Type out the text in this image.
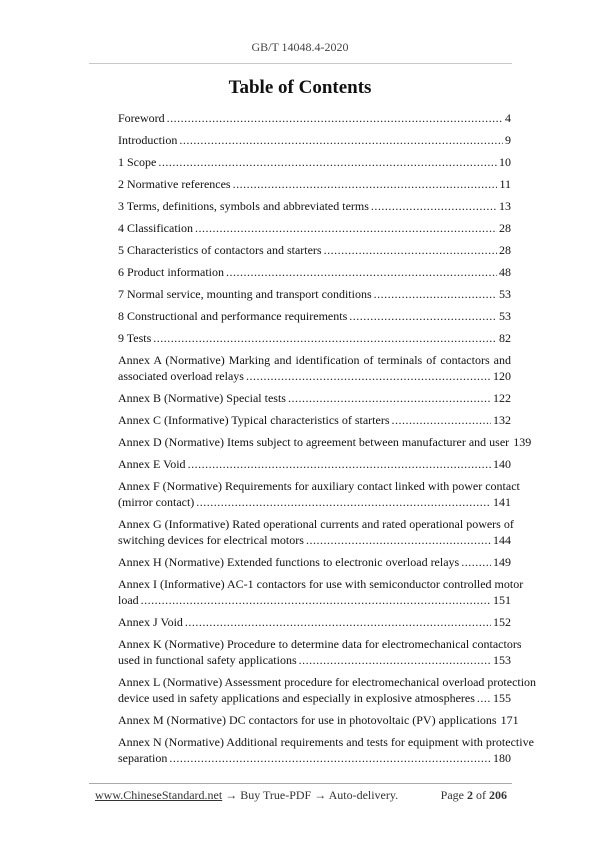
GB/T 14048.4-2020
Table of Contents
Foreword .....	4
Introduction .....	9
1 Scope .....	10
2 Normative references .....	11
3 Terms, definitions, symbols and abbreviated terms .....	13
4 Classification .....	28
5 Characteristics of contactors and starters .....	28
6 Product information .....	48
7 Normal service, mounting and transport conditions .....	53
8 Constructional and performance requirements .....	53
9 Tests .....	82
Annex A (Normative) Marking and identification of terminals of contactors and
associated overload relays .....	120
Annex B (Normative) Special tests .....	122
Annex C (Informative) Typical characteristics of starters .....	132
Annex D (Normative) Items subject to agreement between manufacturer and user 139
Annex E Void .....	140
Annex F (Normative) Requirements for auxiliary contact linked with power contact
(mirror contact) .....	141
Annex G (Informative) Rated operational currents and rated operational powers of
switching devices for electrical motors .....	144
Annex H (Normative) Extended functions to electronic overload relays .....	149
Annex I (Informative) AC-1 contactors for use with semiconductor controlled motor
load .....	151
Annex J Void .....	152
Annex K (Normative) Procedure to determine data for electromechanical contactors
used in functional safety applications .....	153
Annex L (Normative) Assessment procedure for electromechanical overload protection
device used in safety applications and especially in explosive atmospheres ..... 155
Annex M (Normative) DC contactors for use in photovoltaic (PV) applications 171
Annex N (Normative) Additional requirements and tests for equipment with protective
separation .....	180
www.ChineseStandard.net → Buy True-PDF → Auto-delivery.	Page 2 of 206
